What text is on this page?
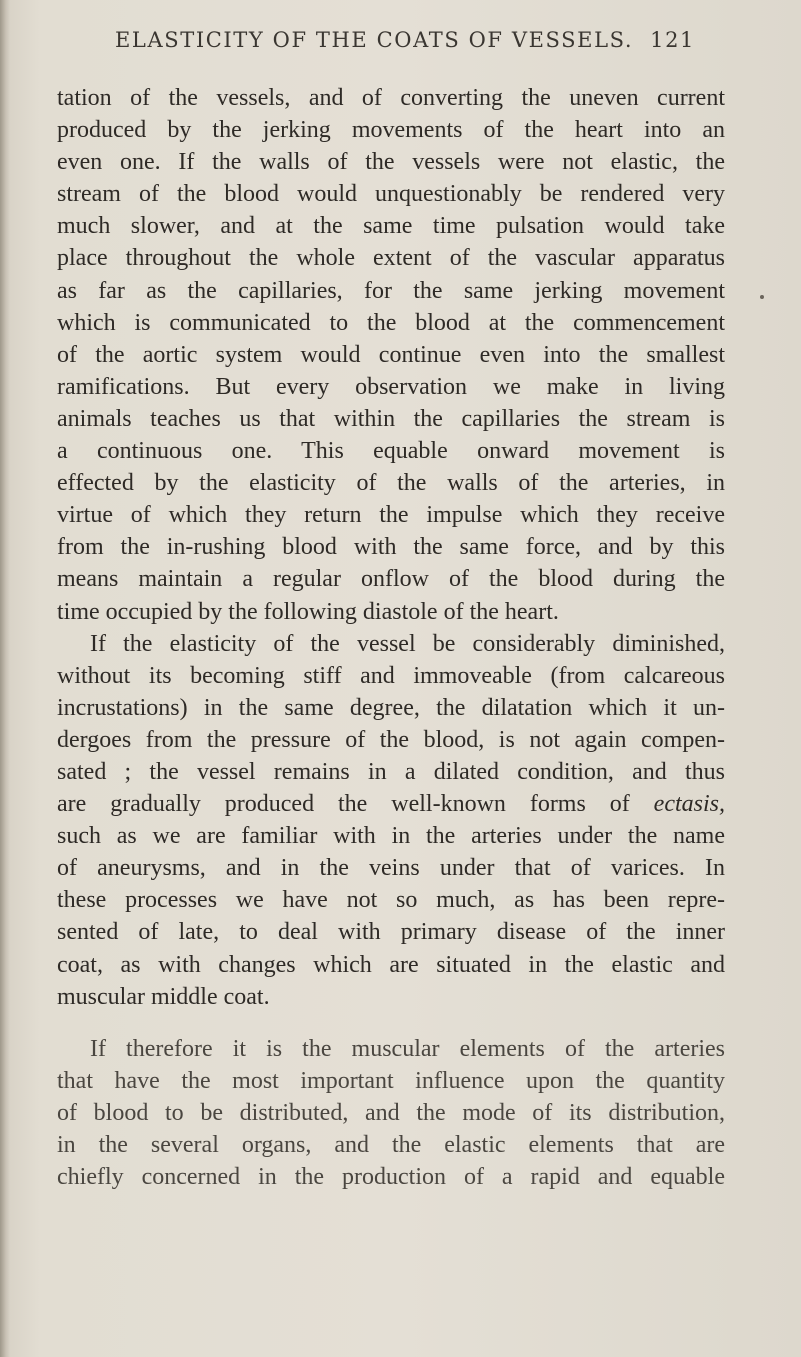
ELASTICITY OF THE COATS OF VESSELS. 121
tation of the vessels, and of converting the uneven current
produced by the jerking movements of the heart into an
even one. If the walls of the vessels were not elastic, the
stream of the blood would unquestionably be rendered very
much slower, and at the same time pulsation would take
place throughout the whole extent of the vascular apparatus
as far as the capillaries, for the same jerking movement
which is communicated to the blood at the commencement
of the aortic system would continue even into the smallest
ramifications. But every observation we make in living
animals teaches us that within the capillaries the stream is
a continuous one. This equable onward movement is
effected by the elasticity of the walls of the arteries, in
virtue of which they return the impulse which they receive
from the in-rushing blood with the same force, and by this
means maintain a regular onflow of the blood during the
time occupied by the following diastole of the heart.
If the elasticity of the vessel be considerably diminished,
without its becoming stiff and immoveable (from calcareous
incrustations) in the same degree, the dilatation which it un-
dergoes from the pressure of the blood, is not again compen-
sated ; the vessel remains in a dilated condition, and thus
are gradually produced the well-known forms of ectasis,
such as we are familiar with in the arteries under the name
of aneurysms, and in the veins under that of varices. In
these processes we have not so much, as has been repre-
sented of late, to deal with primary disease of the inner
coat, as with changes which are situated in the elastic and
muscular middle coat.
If therefore it is the muscular elements of the arteries
that have the most important influence upon the quantity
of blood to be distributed, and the mode of its distribution,
in the several organs, and the elastic elements that are
chiefly concerned in the production of a rapid and equable
